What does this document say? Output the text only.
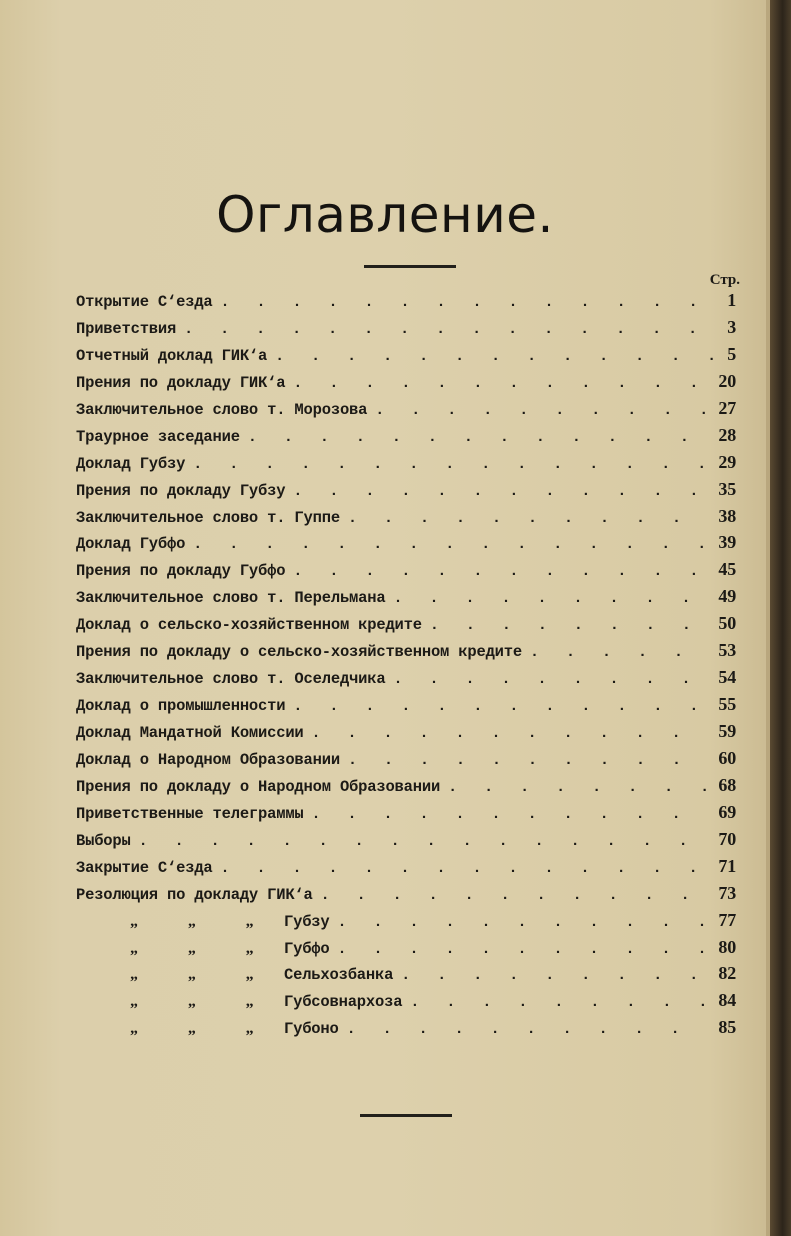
Оглавление.
Стр.
Открытие С‘езда . . .	1
Приветствия . . .	3
Отчетный доклад ГИК‘а . . .	5
Прения по докладу ГИК‘а . . .	20
Заключительное слово т. Морозова . . .	27
Траурное заседание . . .	28
Доклад Губзу . . .	29
Прения по докладу Губзу . . .	35
Заключительное слово т. Гуппе . . .	38
Доклад Губфо . . .	39
Прения по докладу Губфо . . .	45
Заключительное слово т. Перельмана . . .	49
Доклад о сельско-хозяйственном кредите . . .	50
Прения по докладу о сельско-хозяйственном кредите . . .	53
Заключительное слово т. Оселедчика . . .	54
Доклад о промышленности . . .	55
Доклад Мандатной Комиссии . . .	59
Доклад о Народном Образовании . . .	60
Прения по докладу о Народном Образовании . . .	68
Приветственные телеграммы . . .	69
Выборы . . .	70
Закрытие С‘езда . . .	71
Резолюция по докладу ГИК‘а . . .	73
„	„	„ Губзу . . .	77
„	„	„ Губфо . . .	80
„	„	„ Сельхозбанка . . .	82
„	„	„ Губсовнархоза . . .	84
„	„	„ Губоно . . .	85
